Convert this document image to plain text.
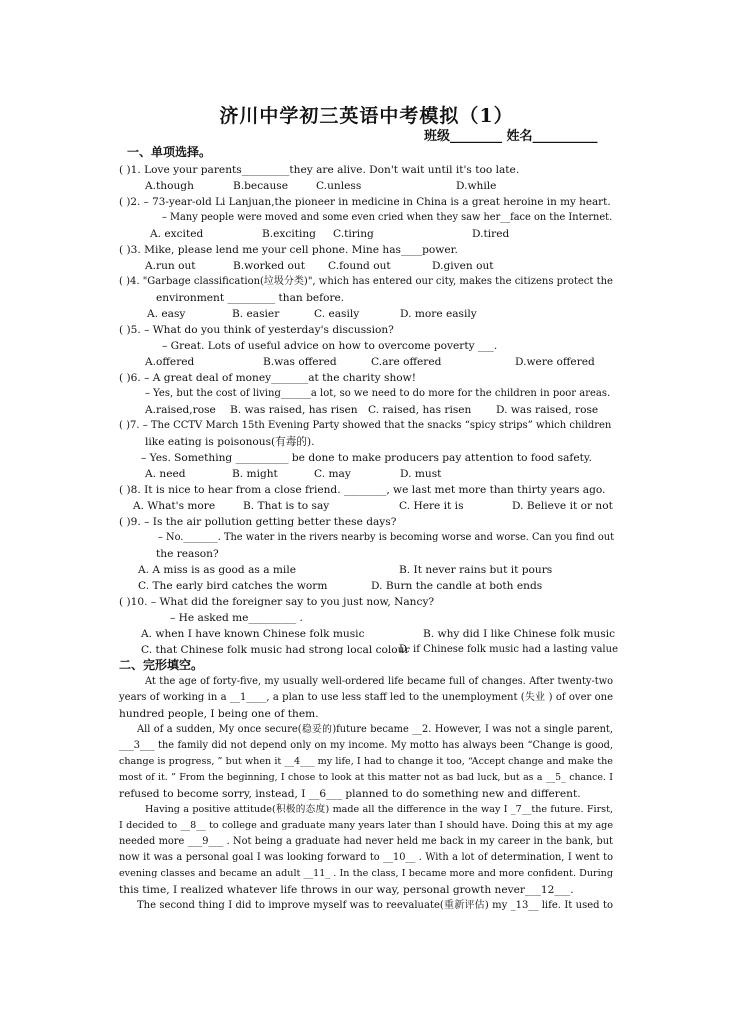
济川中学初三英语中考模拟（1）
班级________ 姓名__________
一、单项选择。
( )1. Love your parents_________they are alive. Don't wait until it's too late.
A.though	B.because	C.unless	D.while
( )2. – 73-year-old Li Lanjuan,the pioneer in medicine in China is a great heroine in my heart.
– Many people were moved and some even cried when they saw her__face on the Internet.
A. excited	B.exciting C.tiring	D.tired
( )3. Mike, please lend me your cell phone. Mine has____power.
A.run out	B.worked out C.found out	D.given out
( )4. "Garbage classification(垃圾分类)", which has entered our city, makes the citizens protect the
environment _________ than before.
A. easy	B. easier	C. easily	D. more easily
( )5. – What do you think of yesterday's discussion?
– Great. Lots of useful advice on how to overcome poverty ___.
A.offered	B.was offered	C.are offered	D.were offered
( )6. – A great deal of money_______at the charity show!
– Yes, but the cost of living______a lot, so we need to do more for the children in poor areas.
A.raised,rose B. was raised, has risen C. raised, has risen D. was raised, rose
( )7. – The CCTV March 15th Evening Party showed that the snacks “spicy strips” which children
like eating is poisonous(有毒的).
– Yes. Something __________ be done to make producers pay attention to food safety.
A. need	B. might	C. may	D. must
( )8. It is nice to hear from a close friend. ________, we last met more than thirty years ago.
A. What's more	B. That is to say	C. Here it is	D. Believe it or not
( )9. – Is the air pollution getting better these days?
– No._______. The water in the rivers nearby is becoming worse and worse. Can you find out
the reason?
A. A miss is as good as a mile	B. It never rains but it pours
C. The early bird catches the worm	D. Burn the candle at both ends
( )10. – What did the foreigner say to you just now, Nancy?
– He asked me_________ .
A. when I have known Chinese folk music	B. why did I like Chinese folk music
C. that Chinese folk music had strong local colour
D. if Chinese folk music had a lasting value
二、完形填空。
At the age of forty-five, my usually well-ordered life became full of changes. After twenty-two
years of working in a __1____, a plan to use less staff led to the unemployment (失业 ) of over one
hundred people, I being one of them.
All of a sudden, My once secure(稳妥的)future became __2. However, I was not a single parent,
___3___ the family did not depend only on my income. My motto has always been “Change is good,
change is progress, ” but when it __4___ my life, I had to change it too, “Accept change and make the
most of it. ” From the beginning, I chose to look at this matter not as bad luck, but as a __5_ chance. I
refused to become sorry, instead, I __6___ planned to do something new and different.
Having a positive attitude(积极的态度) made all the difference in the way I _7__the future. First,
I decided to __8__ to college and graduate many years later than I should have. Doing this at my age
needed more ___9___ . Not being a graduate had never held me back in my career in the bank, but
now it was a personal goal I was looking forward to __10__ . With a lot of determination, I went to
evening classes and became an adult __11_ . In the class, I became more and more confident. During
this time, I realized whatever life throws in our way, personal growth never___12___.
The second thing I did to improve myself was to reevaluate(重新评估) my _13__ life. It used to
